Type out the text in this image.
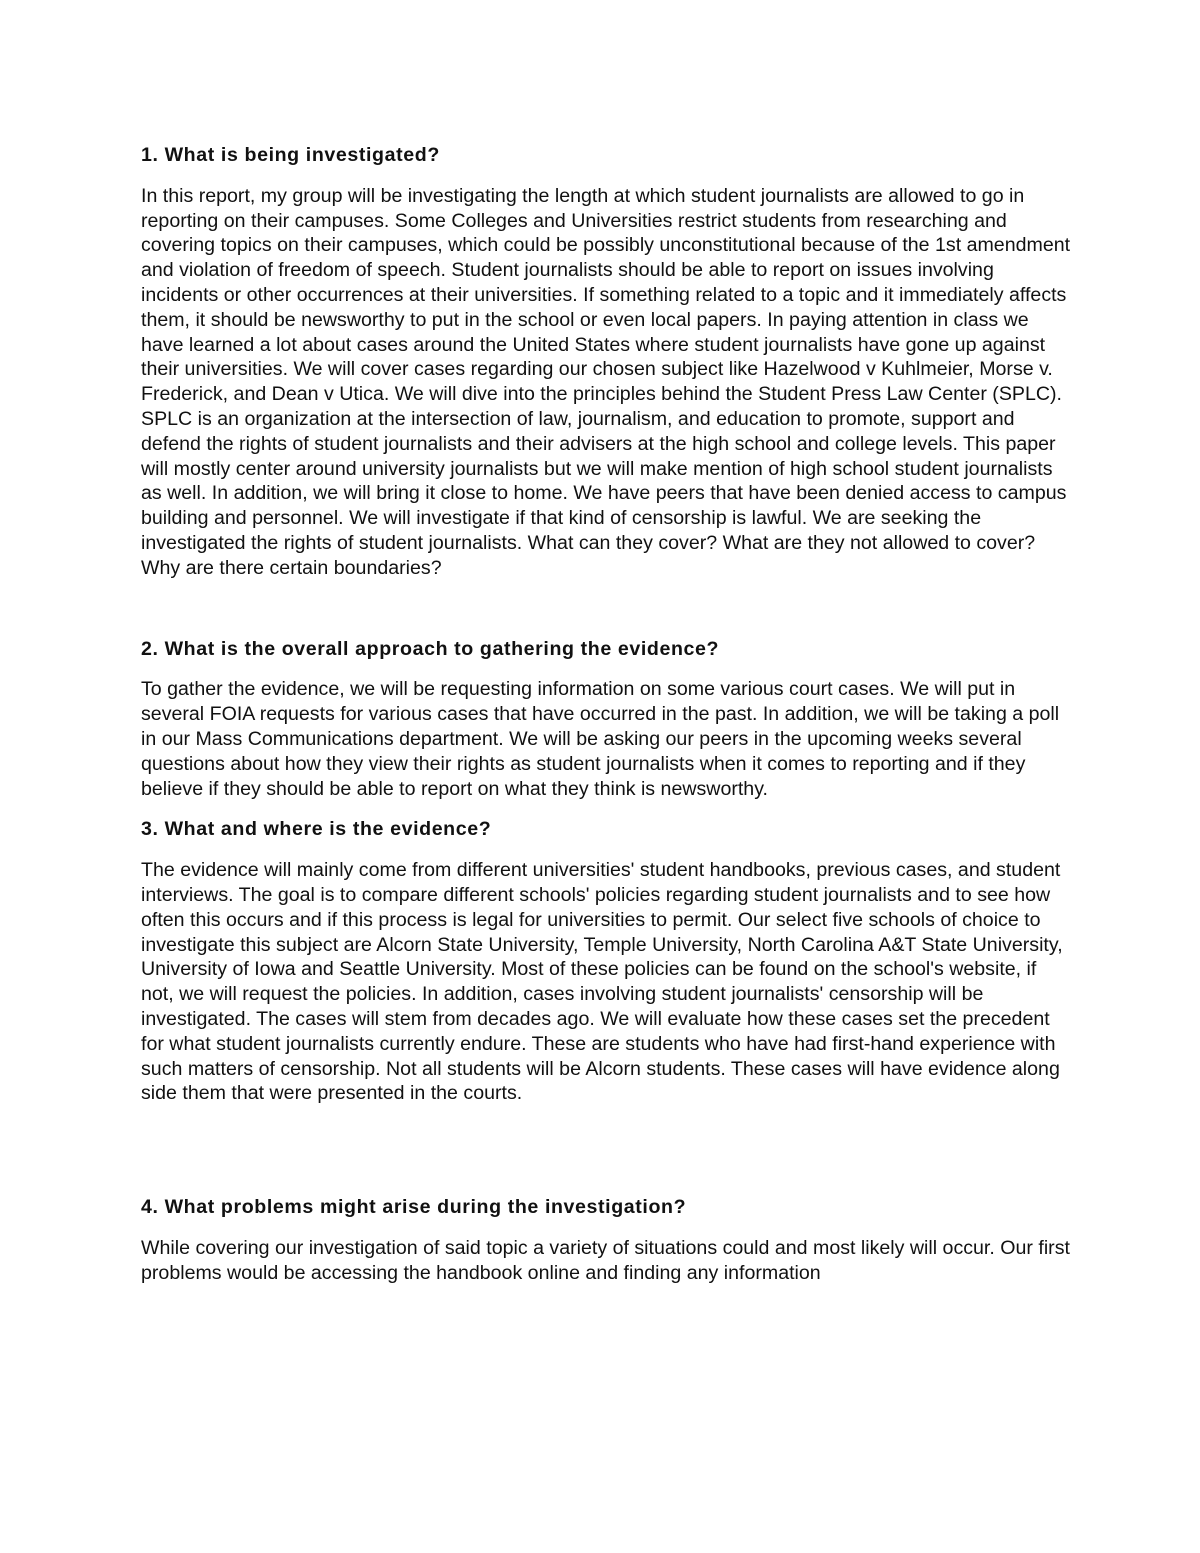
1. What is being investigated?

In this report, my group will be investigating the length at which student journalists are allowed to go in reporting on their campuses. Some Colleges and Universities restrict students from researching and covering topics on their campuses, which could be possibly unconstitutional because of the 1st amendment and violation of freedom of speech. Student journalists should be able to report on issues involving incidents or other occurrences at their universities. If something related to a topic and it immediately affects them, it should be newsworthy to put in the school or even local papers. In paying attention in class we have learned a lot about cases around the United States where student journalists have gone up against their universities. We will cover cases regarding our chosen subject like Hazelwood v Kuhlmeier, Morse v. Frederick, and Dean v Utica. We will dive into the principles behind the Student Press Law Center (SPLC). SPLC is an organization at the intersection of law, journalism, and education to promote, support and defend the rights of student journalists and their advisers at the high school and college levels. This paper will mostly center around university journalists but we will make mention of high school student journalists as well. In addition, we will bring it close to home. We have peers that have been denied access to campus building and personnel. We will investigate if that kind of censorship is lawful. We are seeking the investigated the rights of student journalists. What can they cover? What are they not allowed to cover? Why are there certain boundaries?

2. What is the overall approach to gathering the evidence?

To gather the evidence, we will be requesting information on some various court cases. We will put in several FOIA requests for various cases that have occurred in the past. In addition, we will be taking a poll in our Mass Communications department. We will be asking our peers in the upcoming weeks several questions about how they view their rights as student journalists when it comes to reporting and if they believe if they should be able to report on what they think is newsworthy.

3. What and where is the evidence?

The evidence will mainly come from different universities' student handbooks, previous cases, and student interviews. The goal is to compare different schools' policies regarding student journalists and to see how often this occurs and if this process is legal for universities to permit. Our select five schools of choice to investigate this subject are Alcorn State University, Temple University, North Carolina A&T State University, University of Iowa and Seattle University. Most of these policies can be found on the school's website, if not, we will request the policies. In addition, cases involving student journalists' censorship will be investigated. The cases will stem from decades ago. We will evaluate how these cases set the precedent for what student journalists currently endure. These are students who have had first-hand experience with such matters of censorship. Not all students will be Alcorn students. These cases will have evidence along side them that were presented in the courts.

4. What problems might arise during the investigation?

While covering our investigation of said topic a variety of situations could and most likely will occur. Our first problems would be accessing the handbook online and finding any information
